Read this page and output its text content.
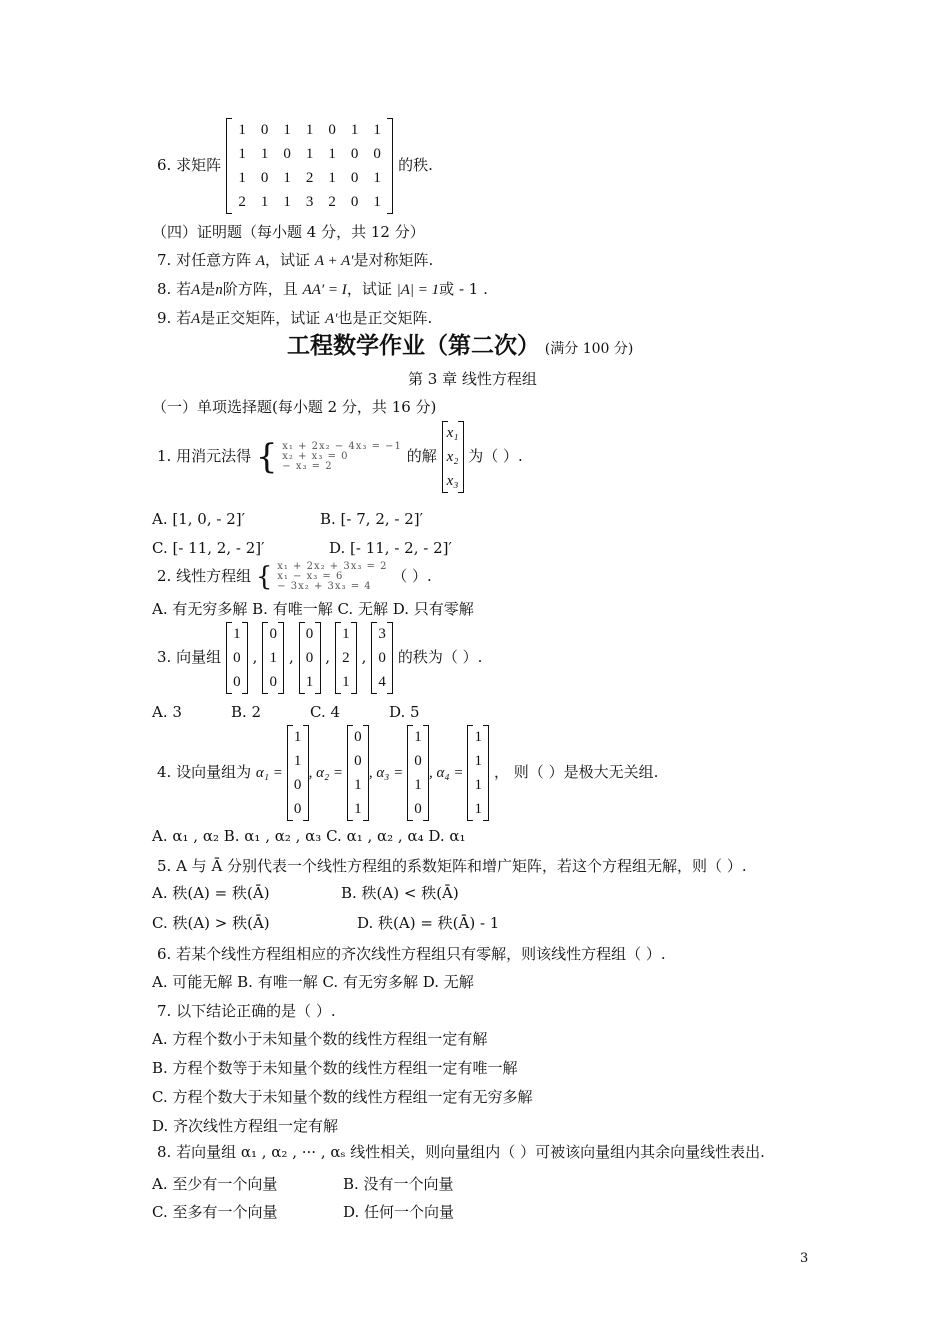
6. 求矩阵
1	0	1	1	0	1	1
1	1	0	1	1	0	0
1	0	1	2	1	0	1
2	1	1	3	2	0	1
的秩.
（四）证明题（每小题 4 分，共 12 分）
7. 对任意方阵 A，试证 A + A′是对称矩阵.
8. 若A是n阶方阵，且 AA′ = I，试证 |A| = 1或 - 1 .
9. 若A是正交矩阵，试证 A′也是正交矩阵.
工程数学作业（第二次） (满分 100 分)
第 3 章 线性方程组
（一）单项选择题(每小题 2 分，共 16 分)
1. 用消元法得 { x₁ + 2x₂ − 4x₃ = −1
x₂ + x₃ = 0
− x₃ = 2
的解
x₁
x₂
x₃
为（ ）.
A. [1, 0, - 2]′	B. [- 7, 2, - 2]′
C. [- 11, 2, - 2]′	D. [- 11, - 2, - 2]′
2. 线性方程组 { x₁ + 2x₂ + 3x₃ = 2
x₁ − x₃ = 6
− 3x₂ + 3x₃ = 4
（ ）.
A. 有无穷多解 B. 有唯一解 C. 无解 D. 只有零解
3. 向量组
1
0
0
,
0
1
0
,
0
0
1
,
1
2
1
,
3
0
4
的秩为（ ）.
A. 3	B. 2	C. 4	D. 5
4. 设向量组为 α₁ =
1
1
0
0
, α₂ =
0
0
1
1
, α₃ =
1
0
1
0
, α₄ =
1
1
1
1
， 则（ ）是极大无关组.
A. α₁ , α₂ B. α₁ , α₂ , α₃ C. α₁ , α₂ , α₄ D. α₁
5. A 与 Ā 分别代表一个线性方程组的系数矩阵和增广矩阵，若这个方程组无解，则（ ）.
A. 秩(A) = 秩(Ā)	B. 秩(A) < 秩(Ā)
C. 秩(A) > 秩(Ā)	D. 秩(A) = 秩(Ā) - 1
6. 若某个线性方程组相应的齐次线性方程组只有零解，则该线性方程组（ ）.
A. 可能无解 B. 有唯一解 C. 有无穷多解 D. 无解
7. 以下结论正确的是（ ）.
A. 方程个数小于未知量个数的线性方程组一定有解
B. 方程个数等于未知量个数的线性方程组一定有唯一解
C. 方程个数大于未知量个数的线性方程组一定有无穷多解
D. 齐次线性方程组一定有解
8. 若向量组 α₁ , α₂ , ··· , αₛ 线性相关，则向量组内（ ）可被该向量组内其余向量线性表出.
A. 至少有一个向量	B. 没有一个向量
C. 至多有一个向量	D. 任何一个向量
3
